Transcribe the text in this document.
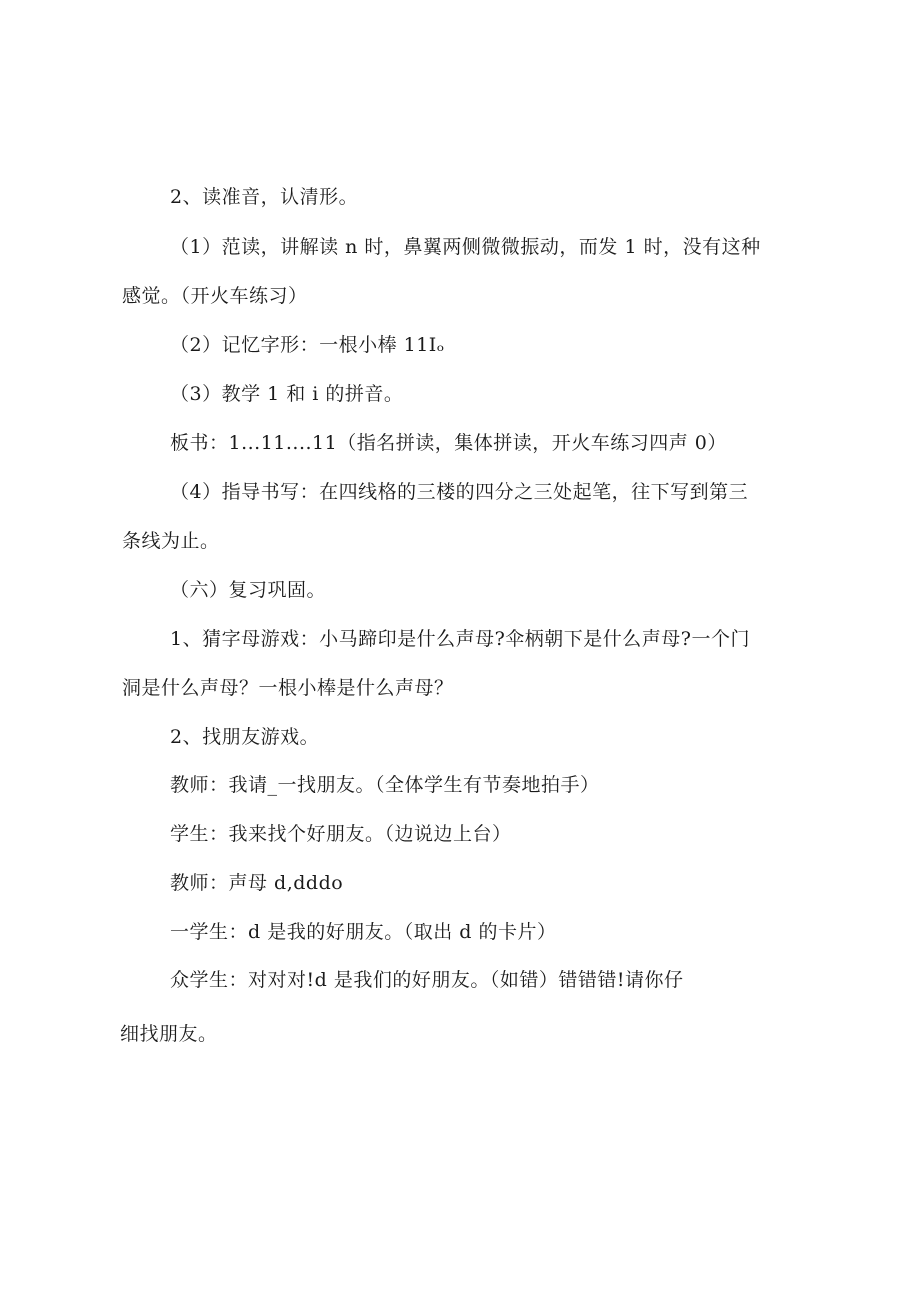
2、读准音，认清形。
（1）范读，讲解读 n 时，鼻翼两侧微微振动，而发 1 时，没有这种
感觉。（开火车练习）
（2）记忆字形：一根小棒 11Iₒ
（3）教学 1 和 i 的拼音。
板书：1...11....11（指名拼读，集体拼读，开火车练习四声 0）
（4）指导书写：在四线格的三楼的四分之三处起笔，往下写到第三
条线为止。
（六）复习巩固。
1、猜字母游戏：小马蹄印是什么声母?伞柄朝下是什么声母?一个门
洞是什么声母？一根小棒是什么声母？
2、找朋友游戏。
教师：我请_一找朋友。（全体学生有节奏地拍手）
学生：我来找个好朋友。（边说边上台）
教师：声母 d,dddo
一学生：d 是我的好朋友。（取出 d 的卡片）
众学生：对对对!d 是我们的好朋友。（如错）错错错!请你仔
细找朋友。
